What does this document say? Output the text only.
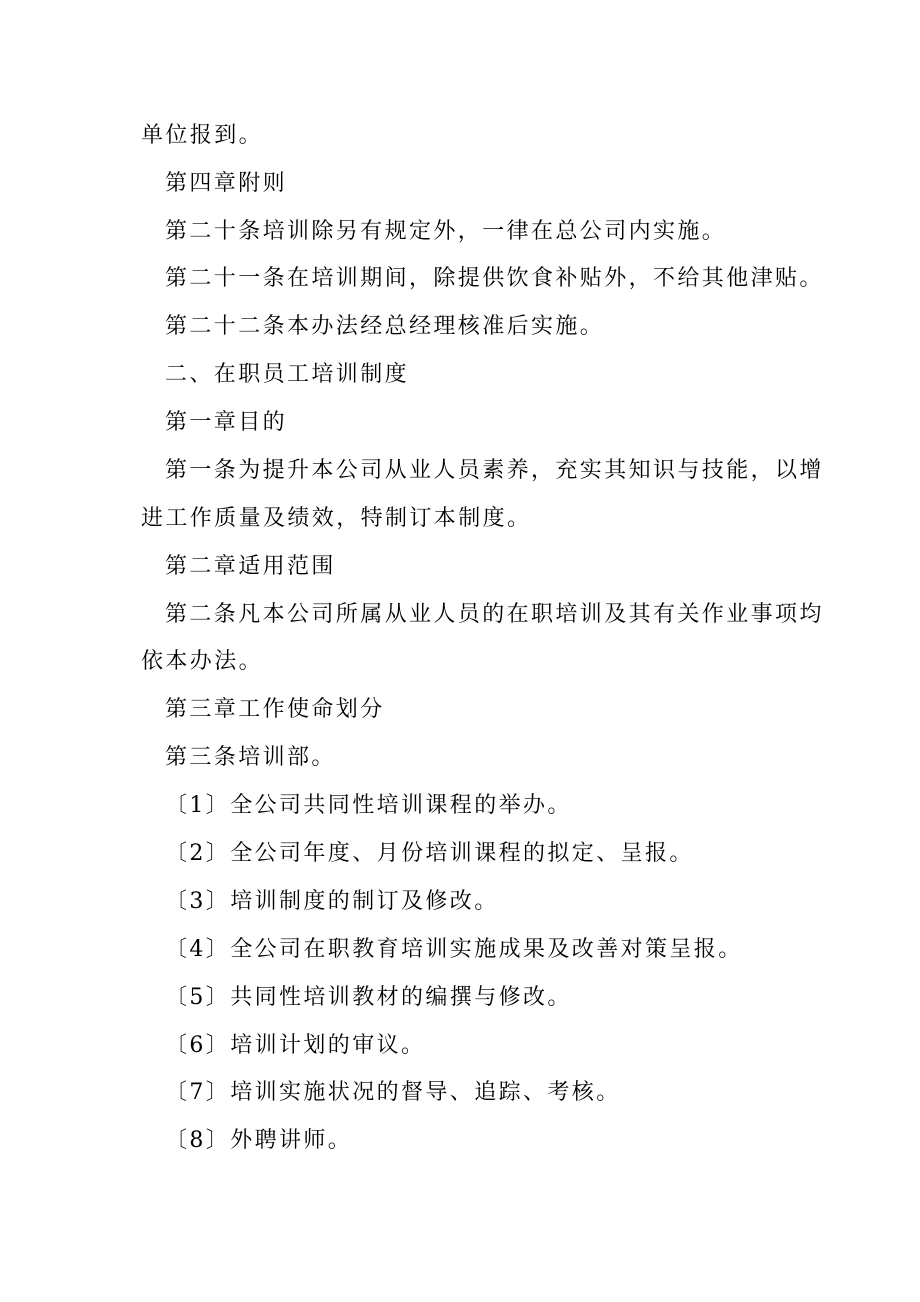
单位报到。
第四章附则
第二十条培训除另有规定外，一律在总公司内实施。
第二十一条在培训期间，除提供饮食补贴外，不给其他津贴。
第二十二条本办法经总经理核准后实施。
二、在职员工培训制度
第一章目的
第一条为提升本公司从业人员素养，充实其知识与技能，以增
进工作质量及绩效，特制订本制度。
第二章适用范围
第二条凡本公司所属从业人员的在职培训及其有关作业事项均
依本办法。
第三章工作使命划分
第三条培训部。
〔1〕全公司共同性培训课程的举办。
〔2〕全公司年度、月份培训课程的拟定、呈报。
〔3〕培训制度的制订及修改。
〔4〕全公司在职教育培训实施成果及改善对策呈报。
〔5〕共同性培训教材的编撰与修改。
〔6〕培训计划的审议。
〔7〕培训实施状况的督导、追踪、考核。
〔8〕外聘讲师。
